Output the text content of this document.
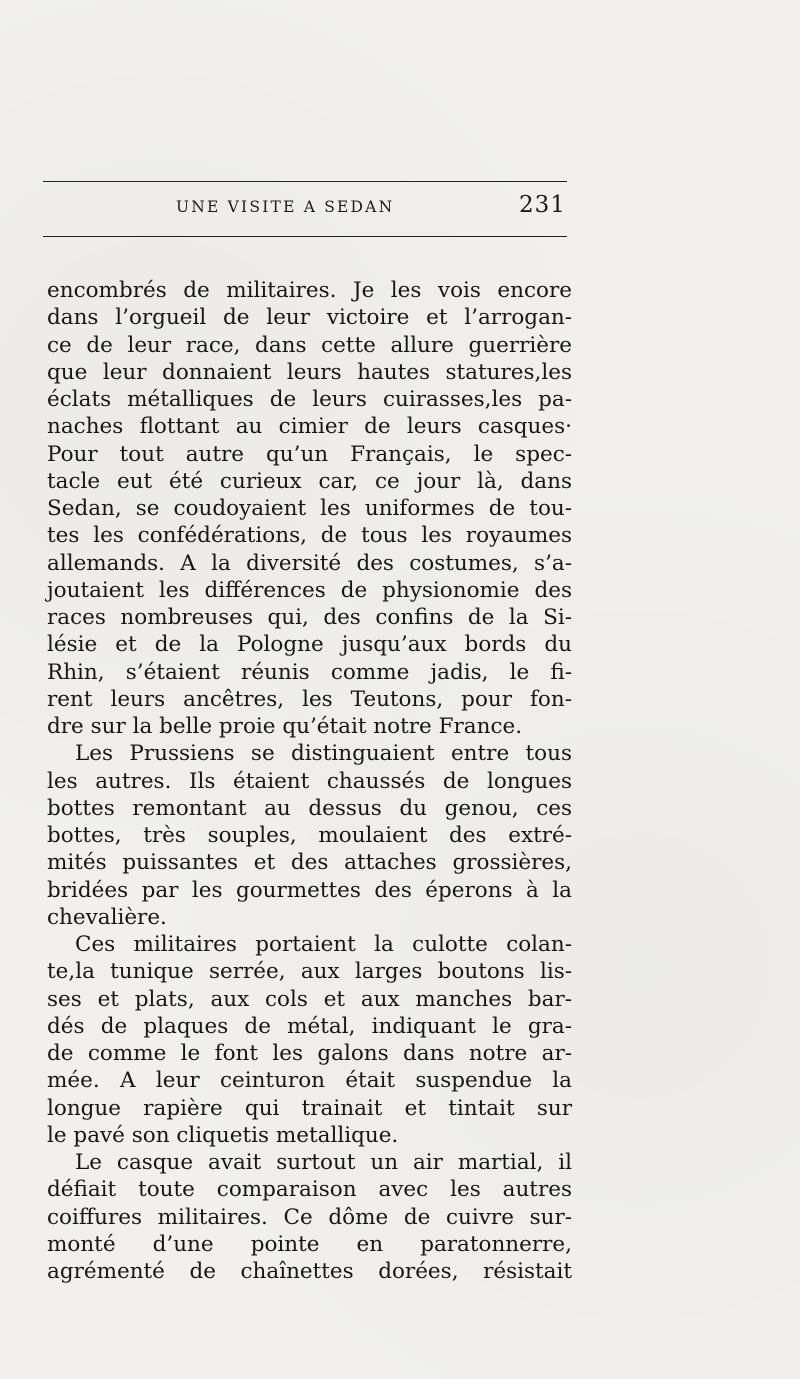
UNE VISITE A SEDAN	231
encombrés de militaires. Je les vois encore
dans l’orgueil de leur victoire et l’arrogan-
ce de leur race, dans cette allure guerrière
que leur donnaient leurs hautes statures,les
éclats métalliques de leurs cuirasses,les pa-
naches flottant au cimier de leurs casques·
Pour tout autre qu’un Français, le spec-
tacle eut été curieux car, ce jour là, dans
Sedan, se coudoyaient les uniformes de tou-
tes les confédérations, de tous les royaumes
allemands. A la diversité des costumes, s’a-
joutaient les différences de physionomie des
races nombreuses qui, des confins de la Si-
lésie et de la Pologne jusqu’aux bords du
Rhin, s’étaient réunis comme jadis, le fi-
rent leurs ancêtres, les Teutons, pour fon-
dre sur la belle proie qu’était notre France.
Les Prussiens se distinguaient entre tous
les autres. Ils étaient chaussés de longues
bottes remontant au dessus du genou, ces
bottes, très souples, moulaient des extré-
mités puissantes et des attaches grossières,
bridées par les gourmettes des éperons à la
chevalière.
Ces militaires portaient la culotte colan-
te,la tunique serrée, aux larges boutons lis-
ses et plats, aux cols et aux manches bar-
dés de plaques de métal, indiquant le gra-
de comme le font les galons dans notre ar-
mée. A leur ceinturon était suspendue la
longue rapière qui trainait et tintait sur
le pavé son cliquetis metallique.
Le casque avait surtout un air martial, il
défiait toute comparaison avec les autres
coiffures militaires. Ce dôme de cuivre sur-
monté d’une pointe en paratonnerre,
agrémenté de chaînettes dorées, résistait
